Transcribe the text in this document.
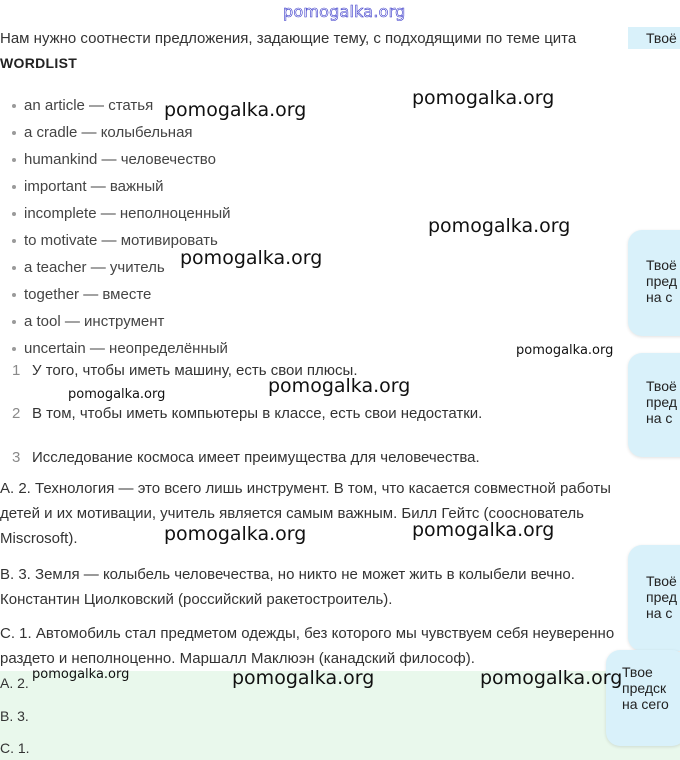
pomogalka.org
Нам нужно соотнести предложения, задающие тему, с подходящими по теме цита
WORDLIST
an article — статья
a cradle — колыбельная
humankind — человечество
important — важный
incomplete — неполноценный
to motivate — мотивировать
a teacher — учитель
together — вместе
a tool — инструмент
uncertain — неопределённый
1 У того, чтобы иметь машину, есть свои плюсы.
2 В том, чтобы иметь компьютеры в классе, есть свои недостатки.
3 Исследование космоса имеет преимущества для человечества.
A. 2. Технология — это всего лишь инструмент. В том, что касается совместной работы детей и их мотивации, учитель является самым важным. Билл Гейтс (сооснователь Miscrosoft).
B. 3. Земля — колыбель человечества, но никто не может жить в колыбели вечно. Константин Циолковский (российский ракетостроитель).
C. 1. Автомобиль стал предметом одежды, без которого мы чувствуем себя неуверенно раздето и неполноценно. Маршалл Маклюэн (канадский философ).
A. 2.
B. 3.
C. 1.
Твоё
Твоё
пред
на с
Твоё
пред
на с
Твоё
пред
на с
Твое
предск
на сего
pomogalka.org
pomogalka.org
pomogalka.org
pomogalka.org
pomogalka.org
pomogalka.org
pomogalka.org
pomogalka.org	pomogalka.org
pomogalka.org	pomogalka.org	pomogalka.org
